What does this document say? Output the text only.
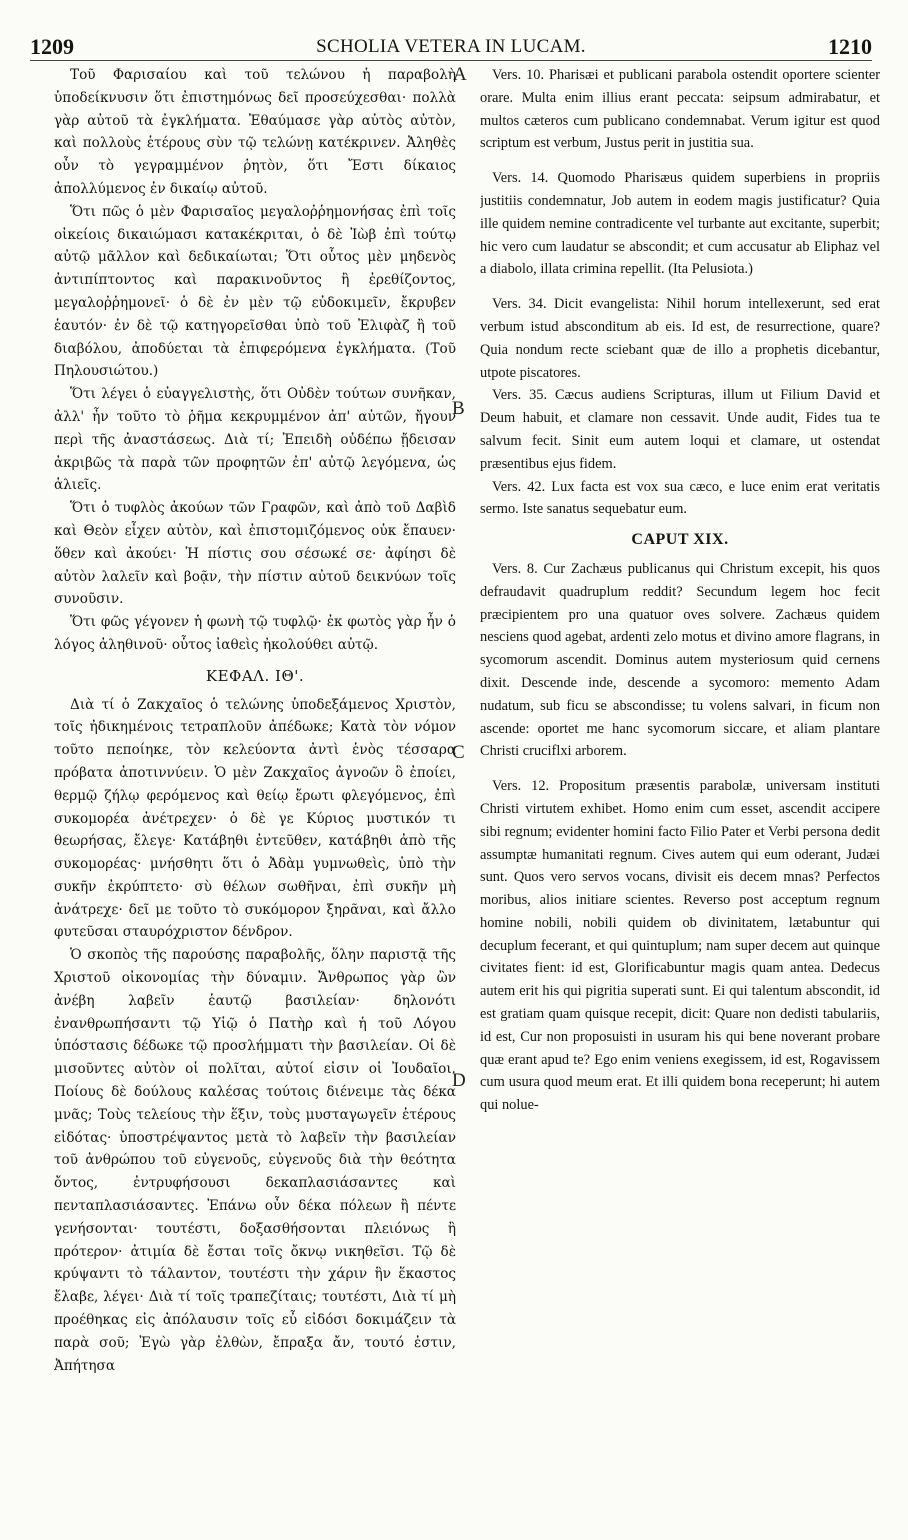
1209	SCHOLIA VETERA IN LUCAM.	1210
A
B
C
D

Τοῦ Φαρισαίου καὶ τοῦ τελώνου ἡ παραβολὴ ὑποδείκνυσιν ὅτι ἐπιστημόνως δεῖ προσεύχεσθαι· πολλὰ γὰρ αὐτοῦ τὰ ἐγκλήματα. Ἐθαύμασε γὰρ αὐτὸς αὐτὸν, καὶ πολλοὺς ἑτέρους σὺν τῷ τελώνῃ κατέκρινεν. Ἀληθὲς οὖν τὸ γεγραμμένον ῥητὸν, ὅτι Ἔστι δίκαιος ἀπολλύμενος ἐν δικαίῳ αὐτοῦ.

Ὅτι πῶς ὁ μὲν Φαρισαῖος μεγαλοῤῥημονήσας ἐπὶ τοῖς οἰκείοις δικαιώμασι κατακέκριται, ὁ δὲ Ἰὼβ ἐπὶ τούτῳ αὐτῷ μᾶλλον καὶ δεδικαίωται; Ὅτι οὗτος μὲν μηδενὸς ἀντιπίπτοντος καὶ παρακινοῦντος ἢ ἐρεθίζοντος, μεγαλοῤῥημονεῖ· ὁ δὲ ἐν μὲν τῷ εὐδοκιμεῖν, ἔκρυβεν ἑαυτόν· ἐν δὲ τῷ κατηγορεῖσθαι ὑπὸ τοῦ Ἐλιφὰζ ἢ τοῦ διαβόλου, ἀποδύεται τὰ ἐπιφερόμενα ἐγκλήματα. (Τοῦ Πηλουσιώτου.)

Ὅτι λέγει ὁ εὐαγγελιστὴς, ὅτι Οὐδὲν τούτων συνῆκαν, ἀλλ' ἦν τοῦτο τὸ ῥῆμα κεκρυμμένον ἀπ' αὐτῶν, ἤγουν περὶ τῆς ἀναστάσεως. Διὰ τί; Ἐπειδὴ οὐδέπω ᾔδεισαν ἀκριβῶς τὰ παρὰ τῶν προφητῶν ἐπ' αὐτῷ λεγόμενα, ὡς ἁλιεῖς.

Ὅτι ὁ τυφλὸς ἀκούων τῶν Γραφῶν, καὶ ἀπὸ τοῦ Δαβὶδ καὶ Θεὸν εἶχεν αὐτὸν, καὶ ἐπιστομιζόμενος οὐκ ἔπαυεν· ὅθεν καὶ ἀκούει· Ἡ πίστις σου σέσωκέ σε· ἀφίησι δὲ αὐτὸν λαλεῖν καὶ βοᾷν, τὴν πίστιν αὐτοῦ δεικνύων τοῖς συνοῦσιν.

Ὅτι φῶς γέγονεν ἡ φωνὴ τῷ τυφλῷ· ἐκ φωτὸς γὰρ ἦν ὁ λόγος ἀληθινοῦ· οὗτος ἰαθεὶς ἠκολούθει αὐτῷ.

ΚΕΦΑΛ. ΙΘ'.

Διὰ τί ὁ Ζακχαῖος ὁ τελώνης ὑποδεξάμενος Χριστὸν, τοῖς ἠδικημένοις τετραπλοῦν ἀπέδωκε; Κατὰ τὸν νόμον τοῦτο πεποίηκε, τὸν κελεύοντα ἀντὶ ἑνὸς τέσσαρα πρόβατα ἀποτιννύειν. Ὁ μὲν Ζακχαῖος ἀγνοῶν ὃ ἐποίει, θερμῷ ζήλῳ φερόμενος καὶ θείῳ ἔρωτι φλεγόμενος, ἐπὶ συκομορέα ἀνέτρεχεν· ὁ δὲ γε Κύριος μυστικόν τι θεωρήσας, ἔλεγε· Κατάβηθι ἐντεῦθεν, κατάβηθι ἀπὸ τῆς συκομορέας· μνήσθητι ὅτι ὁ Ἀδὰμ γυμνωθεὶς, ὑπὸ τὴν συκῆν ἐκρύπτετο· σὺ θέλων σωθῆναι, ἐπὶ συκῆν μὴ ἀνάτρεχε· δεῖ με τοῦτο τὸ συκόμορον ξηρᾶναι, καὶ ἄλλο φυτεῦσαι σταυρόχριστον δένδρον.

Ὁ σκοπὸς τῆς παρούσης παραβολῆς, ὅλην παριστᾷ τῆς Χριστοῦ οἰκονομίας τὴν δύναμιν. Ἄνθρωπος γὰρ ὢν ἀνέβη λαβεῖν ἑαυτῷ βασιλείαν· δηλονότι ἐνανθρωπήσαντι τῷ Υἱῷ ὁ Πατὴρ καὶ ἡ τοῦ Λόγου ὑπόστασις δέδωκε τῷ προσλήμματι τὴν βασιλείαν. Οἱ δὲ μισοῦντες αὐτὸν οἱ πολῖται, αὐτοί εἰσιν οἱ Ἰουδαῖοι. Ποίους δὲ δούλους καλέσας τούτοις διένειμε τὰς δέκα μνᾶς; Τοὺς τελείους τὴν ἕξιν, τοὺς μυσταγωγεῖν ἑτέρους εἰδότας· ὑποστρέψαντος μετὰ τὸ λαβεῖν τὴν βασιλείαν τοῦ ἀνθρώπου τοῦ εὐγενοῦς, εὐγενοῦς διὰ τὴν θεότητα ὄντος, ἐντρυφήσουσι δεκαπλασιάσαντες καὶ πενταπλασιάσαντες. Ἐπάνω οὖν δέκα πόλεων ἢ πέντε γενήσονται· τουτέστι, δοξασθήσονται πλειόνως ἢ πρότερον· ἀτιμία δὲ ἔσται τοῖς ὄκνῳ νικηθεῖσι. Τῷ δὲ κρύψαντι τὸ τάλαντον, τουτέστι τὴν χάριν ἣν ἕκαστος ἔλαβε, λέγει· Διὰ τί τοῖς τραπεζίταις; τουτέστι, Διὰ τί μὴ προέθηκας εἰς ἀπόλαυσιν τοῖς εὖ εἰδόσι δοκιμάζειν τὰ παρὰ σοῦ; Ἐγὼ γὰρ ἐλθὼν, ἔπραξα ἄν, τουτό ἐστιν, Ἀπήτησα

Vers. 10. Pharisæi et publicani parabola ostendit oportere scienter orare. Multa enim illius erant peccata: seipsum admirabatur, et multos cæteros cum publicano condemnabat. Verum igitur est quod scriptum est verbum, Justus perit in justitia sua.

Vers. 14. Quomodo Pharisæus quidem superbiens in propriis justitiis condemnatur, Job autem in eodem magis justificatur? Quia ille quidem nemine contradicente vel turbante aut excitante, superbit; hic vero cum laudatur se abscondit; et cum accusatur ab Eliphaz vel a diabolo, illata crimina repellit. (Ita Pelusiota.)

Vers. 34. Dicit evangelista: Nihil horum intellexerunt, sed erat verbum istud absconditum ab eis. Id est, de resurrectione, quare? Quia nondum recte sciebant quæ de illo a prophetis dicebantur, utpote piscatores.

Vers. 35. Cæcus audiens Scripturas, illum ut Filium David et Deum habuit, et clamare non cessavit. Unde audit, Fides tua te salvum fecit. Sinit eum autem loqui et clamare, ut ostendat præsentibus ejus fidem.

Vers. 42. Lux facta est vox sua cæco, e luce enim erat veritatis sermo. Iste sanatus sequebatur eum.

CAPUT XIX.

Vers. 8. Cur Zachæus publicanus qui Christum excepit, his quos defraudavit quadruplum reddit? Secundum legem hoc fecit præcipientem pro una quatuor oves solvere. Zachæus quidem nesciens quod agebat, ardenti zelo motus et divino amore flagrans, in sycomorum ascendit. Dominus autem mysteriosum quid cernens dixit. Descende inde, descende a sycomoro: memento Adam nudatum, sub ficu se abscondisse; tu volens salvari, in ficum non ascende: oportet me hanc sycomorum siccare, et aliam plantare Christi cruciflxi arborem.

Vers. 12. Propositum præsentis parabolæ, universam instituti Christi virtutem exhibet. Homo enim cum esset, ascendit accipere sibi regnum; evidenter homini facto Filio Pater et Verbi persona dedit assumptæ humanitati regnum. Cives autem qui eum oderant, Judæi sunt. Quos vero servos vocans, divisit eis decem mnas? Perfectos moribus, alios initiare scientes. Reverso post acceptum regnum homine nobili, nobili quidem ob divinitatem, lætabuntur qui decuplum fecerant, et qui quintuplum; nam super decem aut quinque civitates fient: id est, Glorificabuntur magis quam antea. Dedecus autem erit his qui pigritia superati sunt. Ei qui talentum abscondit, id est gratiam quam quisque recepit, dicit: Quare non dedisti tabulariis, id est, Cur non proposuisti in usuram his qui bene noverant probare quæ erant apud te? Ego enim veniens exegissem, id est, Rogavissem cum usura quod meum erat. Et illi quidem bona receperunt; hi autem qui nolue-
